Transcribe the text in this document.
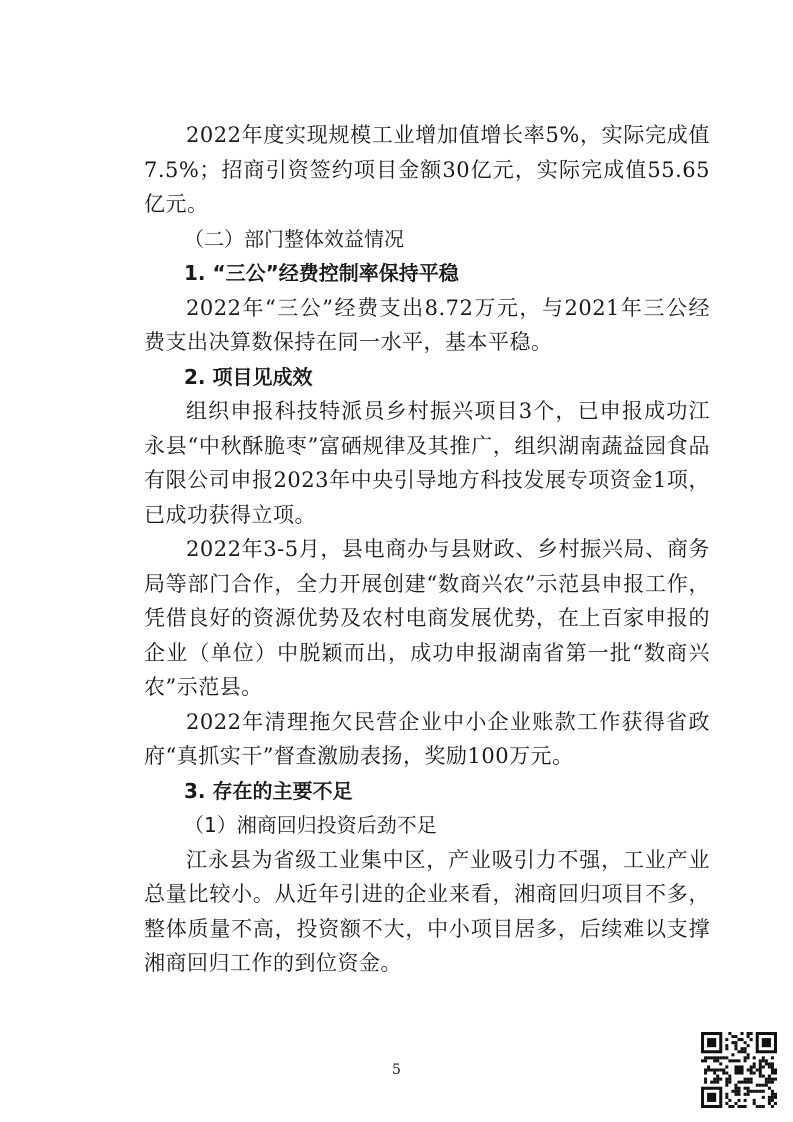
2022年度实现规模工业增加值增长率5%，实际完成值7.5%；招商引资签约项目金额30亿元，实际完成值55.65亿元。

（二）部门整体效益情况

1. “三公”经费控制率保持平稳

2022年“三公”经费支出8.72万元，与2021年三公经费支出决算数保持在同一水平，基本平稳。

2. 项目见成效

组织申报科技特派员乡村振兴项目3个，已申报成功江永县“中秋酥脆枣”富硒规律及其推广，组织湖南蔬益园食品有限公司申报2023年中央引导地方科技发展专项资金1项，已成功获得立项。

2022年3-5月，县电商办与县财政、乡村振兴局、商务局等部门合作，全力开展创建“数商兴农”示范县申报工作，凭借良好的资源优势及农村电商发展优势，在上百家申报的企业（单位）中脱颖而出，成功申报湖南省第一批“数商兴农”示范县。

2022年清理拖欠民营企业中小企业账款工作获得省政府“真抓实干”督查激励表扬，奖励100万元。

3. 存在的主要不足

（1）湘商回归投资后劲不足

江永县为省级工业集中区，产业吸引力不强，工业产业总量比较小。从近年引进的企业来看，湘商回归项目不多，整体质量不高，投资额不大，中小项目居多，后续难以支撑湘商回归工作的到位资金。

5
